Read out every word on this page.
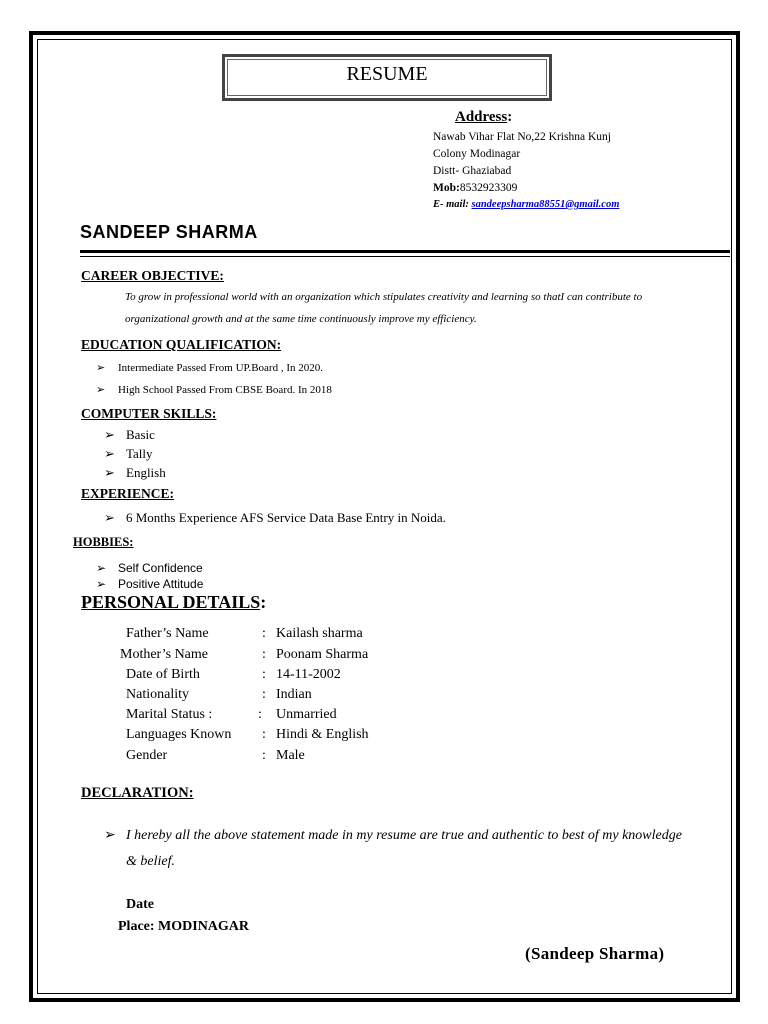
RESUME
Address:
Nawab Vihar Flat No,22 Krishna Kunj
Colony Modinagar
Distt- Ghaziabad
Mob:8532923309
E- mail: sandeepsharma88551@gmail.com
SANDEEP SHARMA
CAREER OBJECTIVE:
To grow in professional world with an organization which stipulates creativity and learning so thatI can contribute to
organizational growth and at the same time continuously improve my efficiency.
EDUCATION QUALIFICATION:
➢ Intermediate Passed From UP.Board , In 2020.
➢ High School Passed From CBSE Board. In 2018
COMPUTER SKILLS:
➢ Basic
➢ Tally
➢ English
EXPERIENCE:
➢ 6 Months Experience AFS Service Data Base Entry in Noida.
HOBBIES:
➢ Self Confidence
➢ Positive Attitude
PERSONAL DETAILS:
Father’s Name	: Kailash sharma
Mother’s Name	: Poonam Sharma
Date of Birth	: 14-11-2002
Nationality	: Indian
Marital Status :	: Unmarried
Languages Known : Hindi & English
Gender	: Male
DECLARATION:
➢ I hereby all the above statement made in my resume are true and authentic to best of my knowledge
& belief.
Date
Place: MODINAGAR
(Sandeep Sharma)
